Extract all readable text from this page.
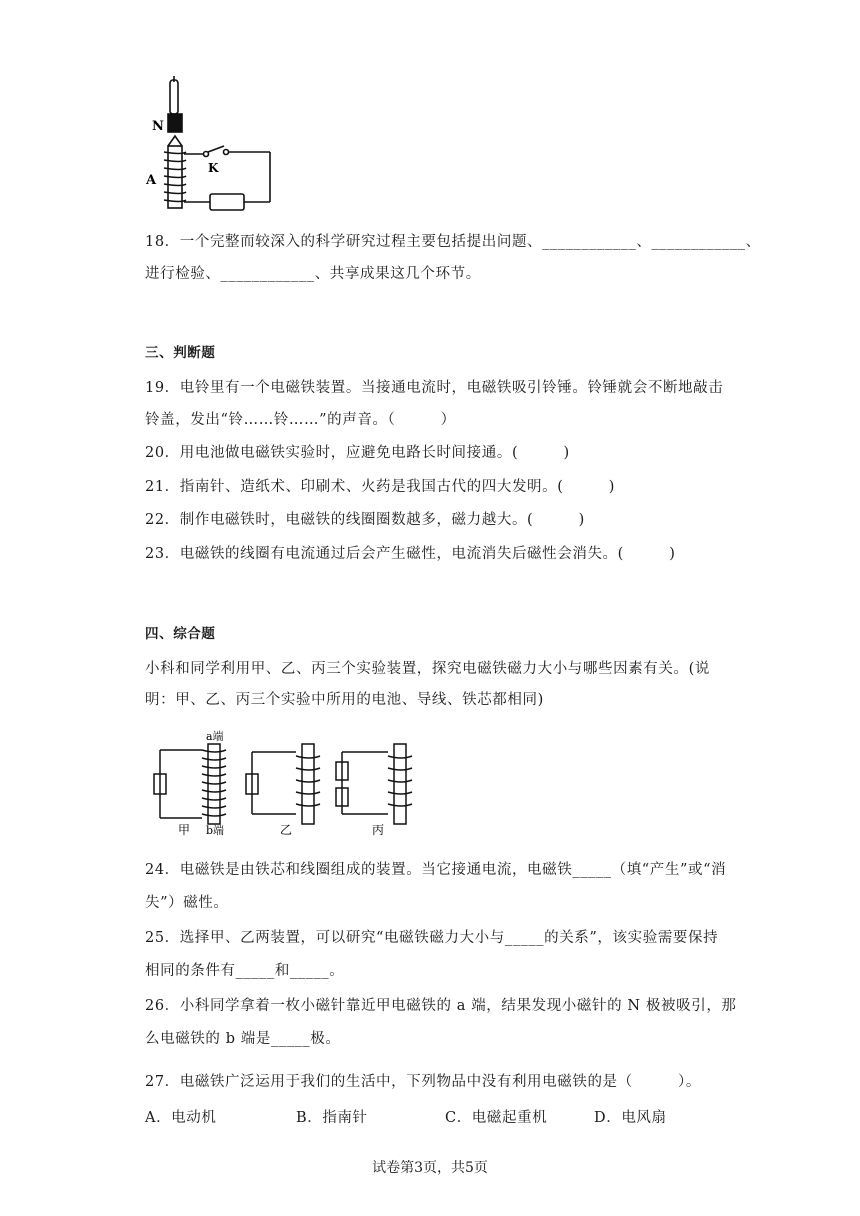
N
K
A
18．一个完整而较深入的科学研究过程主要包括提出问题、____________、____________、
进行检验、____________、共享成果这几个环节。
三、判断题
19．电铃里有一个电磁铁装置。当接通电流时，电磁铁吸引铃锤。铃锤就会不断地敲击
铃盖，发出“铃……铃……”的声音。（　　　）
20．用电池做电磁铁实验时，应避免电路长时间接通。(　　　)
21．指南针、造纸术、印刷术、火药是我国古代的四大发明。(　　　)
22．制作电磁铁时，电磁铁的线圈圈数越多，磁力越大。(　　　)
23．电磁铁的线圈有电流通过后会产生磁性，电流消失后磁性会消失。(　　　)
四、综合题
小科和同学利用甲、乙、丙三个实验装置，探究电磁铁磁力大小与哪些因素有关。(说
明：甲、乙、丙三个实验中所用的电池、导线、铁芯都相同)
a端
甲 b端	乙	丙
24．电磁铁是由铁芯和线圈组成的装置。当它接通电流，电磁铁_____（填“产生”或“消
失”）磁性。
25．选择甲、乙两装置，可以研究“电磁铁磁力大小与_____的关系”，该实验需要保持
相同的条件有_____和_____。
26．小科同学拿着一枚小磁针靠近甲电磁铁的 a 端，结果发现小磁针的 N 极被吸引，那
么电磁铁的 b 端是_____极。
27．电磁铁广泛运用于我们的生活中，下列物品中没有利用电磁铁的是（　　　）。
A．电动机	B．指南针	C．电磁起重机	D．电风扇
试卷第3页，共5页
